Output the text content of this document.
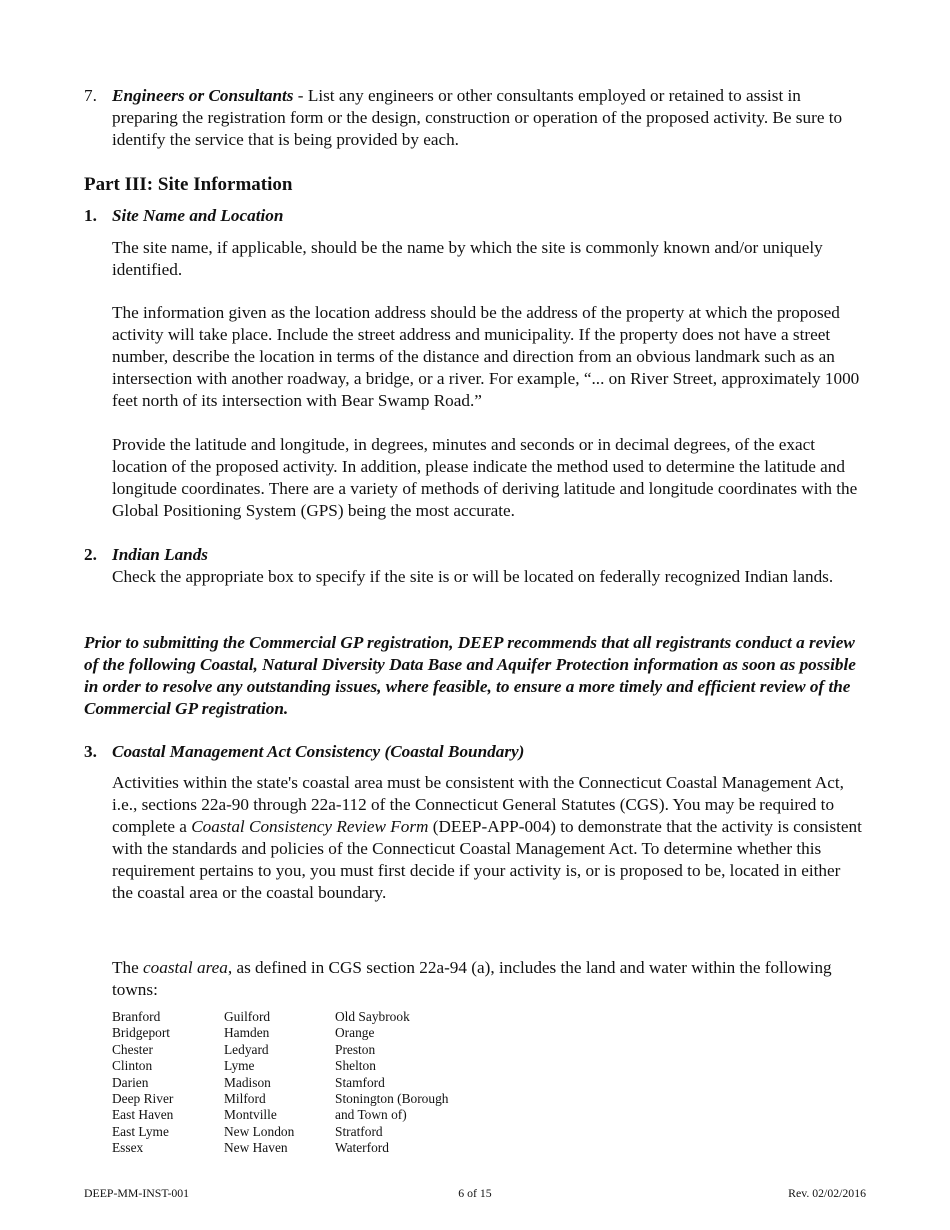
7. Engineers or Consultants - List any engineers or other consultants employed or retained to assist in preparing the registration form or the design, construction or operation of the proposed activity. Be sure to identify the service that is being provided by each.
Part III: Site Information
1. Site Name and Location
The site name, if applicable, should be the name by which the site is commonly known and/or uniquely identified.
The information given as the location address should be the address of the property at which the proposed activity will take place. Include the street address and municipality. If the property does not have a street number, describe the location in terms of the distance and direction from an obvious landmark such as an intersection with another roadway, a bridge, or a river. For example, “... on River Street, approximately 1000 feet north of its intersection with Bear Swamp Road.”
Provide the latitude and longitude, in degrees, minutes and seconds or in decimal degrees, of the exact location of the proposed activity. In addition, please indicate the method used to determine the latitude and longitude coordinates. There are a variety of methods of deriving latitude and longitude coordinates with the Global Positioning System (GPS) being the most accurate.
2. Indian Lands
Check the appropriate box to specify if the site is or will be located on federally recognized Indian lands.
Prior to submitting the Commercial GP registration, DEEP recommends that all registrants conduct a review of the following Coastal, Natural Diversity Data Base and Aquifer Protection information as soon as possible in order to resolve any outstanding issues, where feasible, to ensure a more timely and efficient review of the Commercial GP registration.
3. Coastal Management Act Consistency (Coastal Boundary)
Activities within the state's coastal area must be consistent with the Connecticut Coastal Management Act, i.e., sections 22a-90 through 22a-112 of the Connecticut General Statutes (CGS). You may be required to complete a Coastal Consistency Review Form (DEEP-APP-004) to demonstrate that the activity is consistent with the standards and policies of the Connecticut Coastal Management Act. To determine whether this requirement pertains to you, you must first decide if your activity is, or is proposed to be, located in either the coastal area or the coastal boundary.
The coastal area, as defined in CGS section 22a-94 (a), includes the land and water within the following towns:
Branford
Bridgeport
Chester
Clinton
Darien
Deep River
East Haven
East Lyme
Essex
Guilford
Hamden
Ledyard
Lyme
Madison
Milford
Montville
New London
New Haven
Old Saybrook
Orange
Preston
Shelton
Stamford
Stonington (Borough
and Town of)
Stratford
Waterford
DEEP-MM-INST-001	6 of 15	Rev. 02/02/2016
